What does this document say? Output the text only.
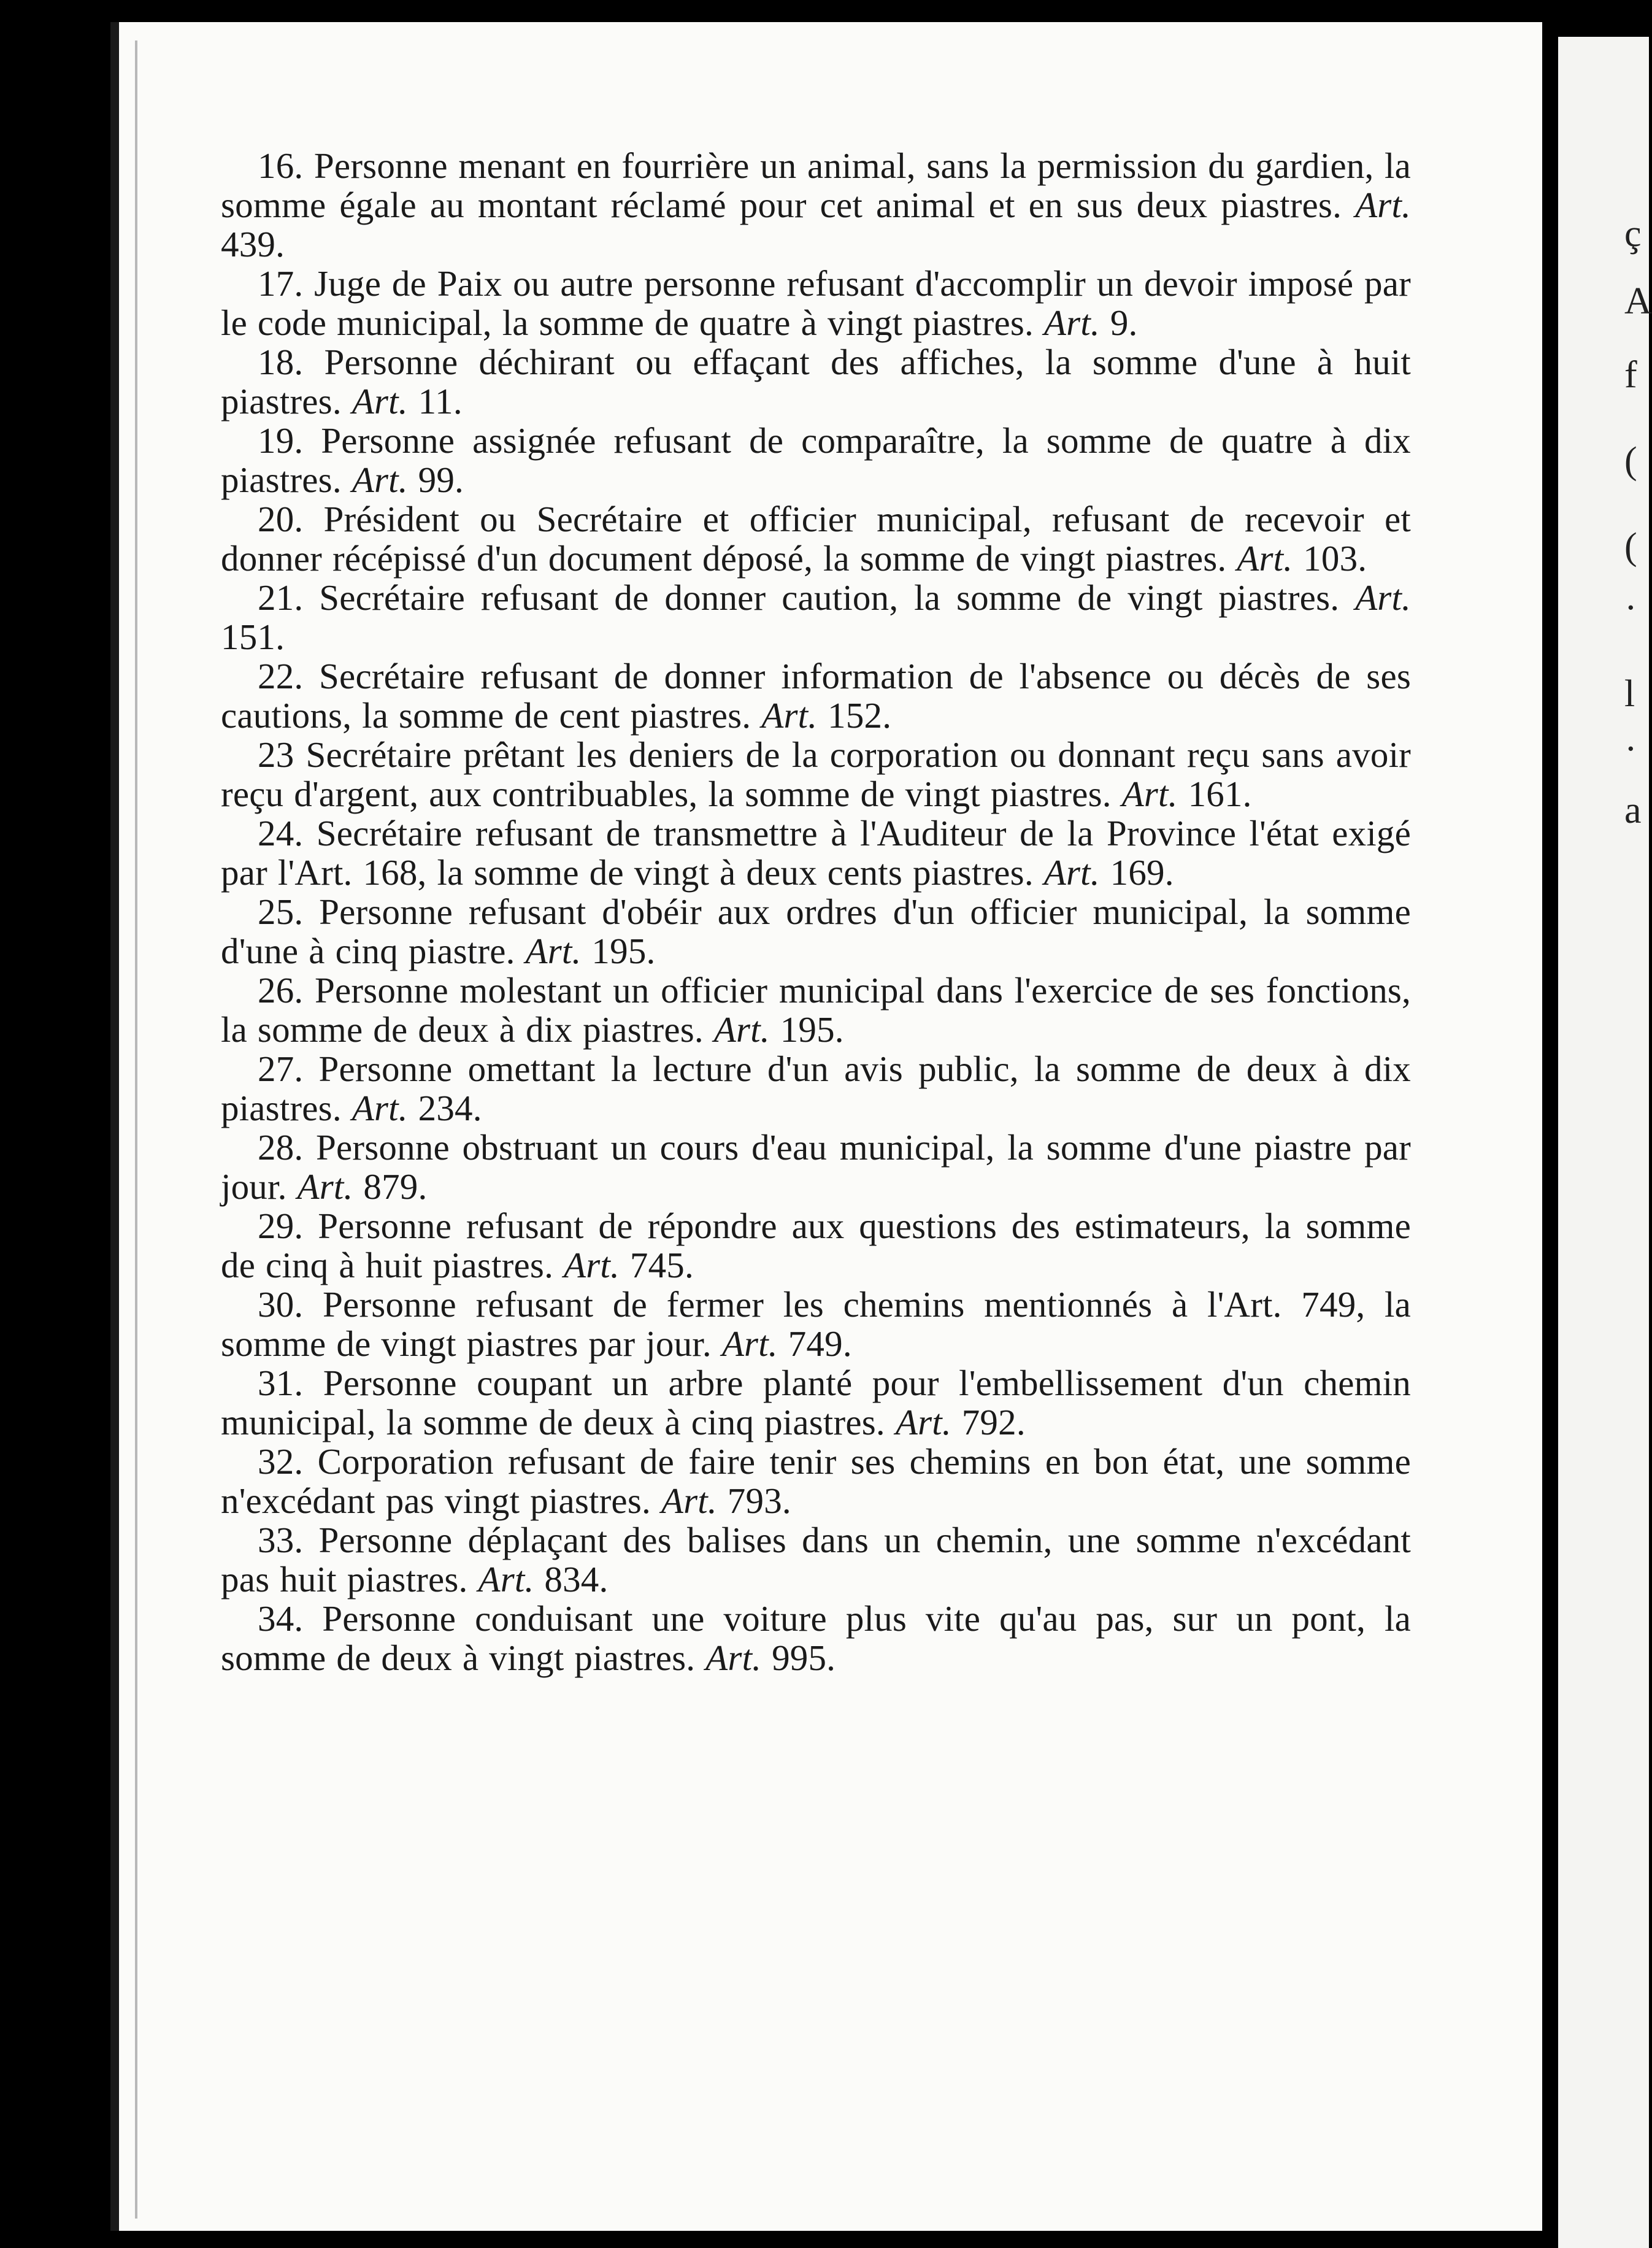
ç
A
f
(
(
·
l
·
a

16. Personne menant en fourrière un animal, sans la permission du gardien, la somme égale au montant réclamé pour cet animal et en sus deux piastres. Art. 439.

17. Juge de Paix ou autre personne refusant d'accomplir un devoir imposé par le code municipal, la somme de quatre à vingt piastres. Art. 9.

18. Personne déchirant ou effaçant des affiches, la somme d'une à huit piastres. Art. 11.

19. Personne assignée refusant de comparaître, la somme de quatre à dix piastres. Art. 99.

20. Président ou Secrétaire et officier municipal, refusant de recevoir et donner récépissé d'un document déposé, la somme de vingt piastres. Art. 103.

21. Secrétaire refusant de donner caution, la somme de vingt piastres. Art. 151.

22. Secrétaire refusant de donner information de l'absence ou décès de ses cautions, la somme de cent piastres. Art. 152.

23 Secrétaire prêtant les deniers de la corporation ou donnant reçu sans avoir reçu d'argent, aux contribuables, la somme de vingt piastres. Art. 161.

24. Secrétaire refusant de transmettre à l'Auditeur de la Province l'état exigé par l'Art. 168, la somme de vingt à deux cents piastres. Art. 169.

25. Personne refusant d'obéir aux ordres d'un officier municipal, la somme d'une à cinq piastre. Art. 195.

26. Personne molestant un officier municipal dans l'exercice de ses fonctions, la somme de deux à dix piastres. Art. 195.

27. Personne omettant la lecture d'un avis public, la somme de deux à dix piastres. Art. 234.

28. Personne obstruant un cours d'eau municipal, la somme d'une piastre par jour. Art. 879.

29. Personne refusant de répondre aux questions des estimateurs, la somme de cinq à huit piastres. Art. 745.

30. Personne refusant de fermer les chemins mentionnés à l'Art. 749, la somme de vingt piastres par jour. Art. 749.

31. Personne coupant un arbre planté pour l'embellissement d'un chemin municipal, la somme de deux à cinq piastres. Art. 792.

32. Corporation refusant de faire tenir ses chemins en bon état, une somme n'excédant pas vingt piastres. Art. 793.

33. Personne déplaçant des balises dans un chemin, une somme n'excédant pas huit piastres. Art. 834.

34. Personne conduisant une voiture plus vite qu'au pas, sur un pont, la somme de deux à vingt piastres. Art. 995.
